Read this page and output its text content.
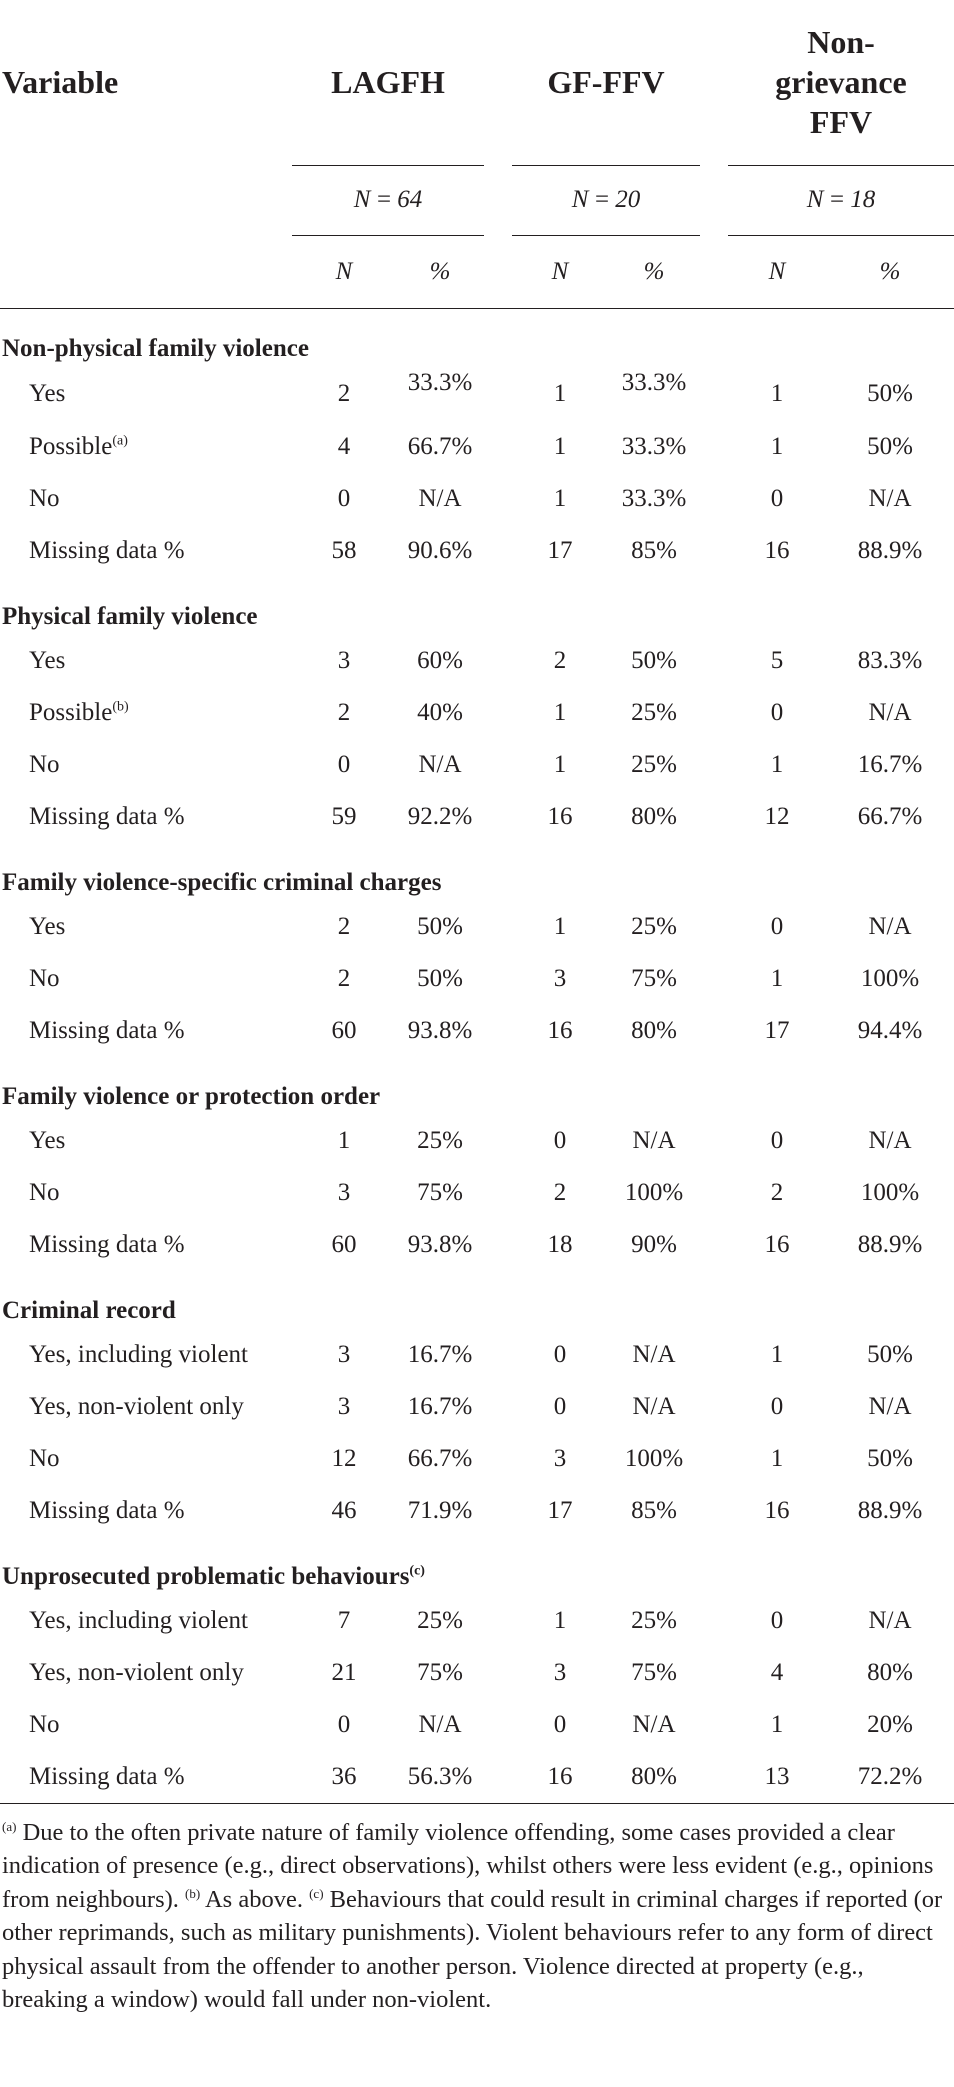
Variable	LAGFH			GF-FFV			Non-
grievance
FFV	
	N = 64			N = 20			N = 18	
	N	%		N	%		N	%
Non-physical family violence								
Yes	2	33.3%		1	33.3%		1	50%
Possible$^{(a)}$	4	66.7%		1	33.3%		1	50%
No	0	N/A		1	33.3%		0	N/A
Missing data %	58	90.6%		17	85%		16	88.9%
Physical family violence								
Yes	3	60%		2	50%		5	83.3%
Possible$^{(b)}$	2	40%		1	25%		0	N/A
No	0	N/A		1	25%		1	16.7%
Missing data %	59	92.2%		16	80%		12	66.7%
Family violence-specific criminal charges								
Yes	2	50%		1	25%		0	N/A
No	2	50%		3	75%		1	100%
Missing data %	60	93.8%		16	80%		17	94.4%
Family violence or protection order								
Yes	1	25%		0	N/A		0	N/A
No	3	75%		2	100%		2	100%
Missing data %	60	93.8%		18	90%		16	88.9%
Criminal record								
Yes, including violent	3	16.7%		0	N/A		1	50%
Yes, non-violent only	3	16.7%		0	N/A		0	N/A
No	12	66.7%		3	100%		1	50%
Missing data %	46	71.9%		17	85%		16	88.9%
Unprosecuted problematic behaviours$^{(c)}$
Yes, including violent	7	25%		1	25%		0	N/A
Yes, non-violent only	21	75%		3	75%		4	80%
No	0	N/A		0	N/A		1	20%
Missing data %	36	56.3%		16	80%		13	72.2%
$^{(a)}$ Due to the often private nature of family violence offending, some cases provided a clear indication of presence (e.g., direct observations), whilst others were less evident (e.g., opinions from neighbours). $^{(b)}$ As above. $^{(c)}$ Behaviours that could result in criminal charges if reported (or other reprimands, such as military punishments). Violent behaviours refer to any form of direct physical assault from the offender to another person. Violence directed at property (e.g., breaking a window) would fall under non-violent.
